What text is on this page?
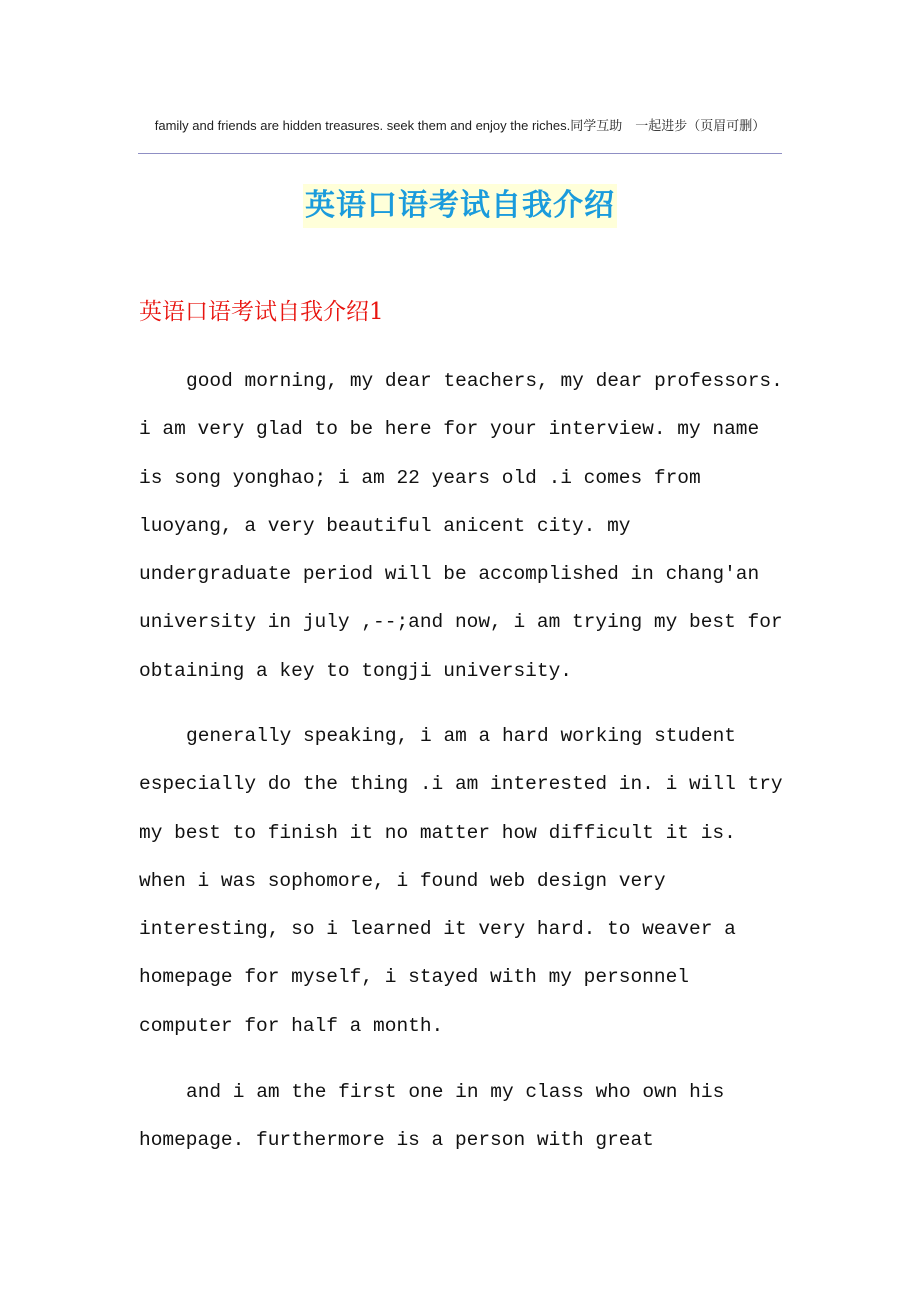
family and friends are hidden treasures. seek them and enjoy the riches.同学互助　一起进步（页眉可删）
英语口语考试自我介绍
英语口语考试自我介绍1
good morning, my dear teachers, my dear professors.
i am very glad to be here for your interview. my name
is song yonghao; i am 22 years old .i comes from
luoyang, a very beautiful anicent city. my
undergraduate period will be accomplished in chang'an
university in july ,--;and now, i am trying my best for
obtaining a key to tongji university.
generally speaking, i am a hard working student
especially do the thing .i am interested in. i will try
my best to finish it no matter how difficult it is.
when i was sophomore, i found web design very
interesting, so i learned it very hard. to weaver a
homepage for myself, i stayed with my personnel
computer for half a month.
and i am the first one in my class who own his
homepage. furthermore is a person with great
